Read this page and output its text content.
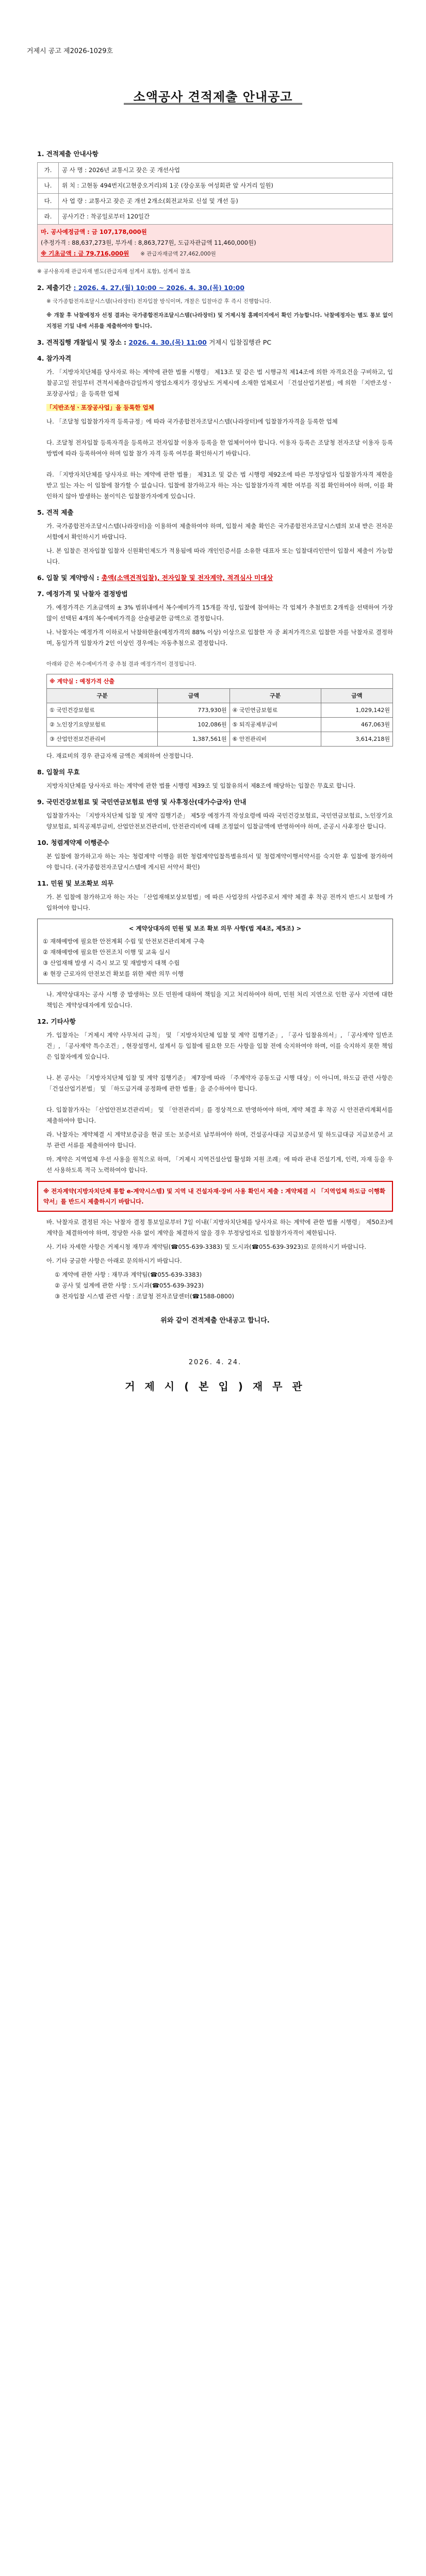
거제시 공고 제2026-1029호
소액공사 견적제출 안내공고
1. 견적제출 안내사항
가.	공 사 명 : 2026년 교통시고 잦은 곳 개선사업
나.	위 치 : 고현동 494번지(고현중오거리)외 1곳 (장승포동 여성회관 앞 사거리 일원)
다.	사 업 량 : 교통사고 잦은 곳 개선 2개소(회전교차로 신설 및 개선 등)
라.	공사기간 : 착공일로부터 120일간

마. 공사예정금액 : 금 107,178,000원
(추정가격 : 88,637,273원, 부가세 : 8,863,727원, 도급자관급액 11,460,000원)
※ 기초금액 : 금 79,716,000원 ※ 관급자재금액 27,462,000원	
※ 공사용자재 관급자재 별도(관급자재 설계서 포함), 설계서 참조
2. 제출기간 : 2026. 4. 27.(월) 10:00 ~ 2026. 4. 30.(목) 10:00
※ 국가종합전자조달시스템(나라장터) 전자입찰 방식이며, 개찰은 입찰마감 후 즉시 진행합니다.
※ 개찰 후 낙찰예정자 선정 결과는 국가종합전자조달시스템(나라장터) 및 거제시청 홈페이지에서 확인 가능합니다. 낙찰예정자는 별도 통보 없이 지정된 기일 내에 서류를 제출하여야 합니다.
3. 견적집행 개찰일시 및 장소 : 2026. 4. 30.(목) 11:00 거제시 입찰집행관 PC
4. 참가자격
가. 「지방자치단체를 당사자로 하는 계약에 관한 법률 시행령」 제13조 및 같은 법 시행규칙 제14조에 의한 자격요건을 구비하고, 입찰공고일 전일부터 견적서제출마감일까지 영업소재지가 경상남도 거제시에 소재한 업체로서 「건설산업기본법」에 의한 「지반조성ㆍ포장공사업」을 등록한 업체
「지반조성ㆍ포장공사업」을 등록한 업체
나. 「조달청 입찰참가자격 등록규정」에 따라 국가종합전자조달시스템(나라장터)에 입찰참가자격을 등록한 업체
다. 조달청 전자입찰 등록자격을 등록하고 전자입찰 이용자 등록을 한 업체이어야 합니다. 이용자 등록은 조달청 전자조달 이용자 등록 방법에 따라 등록하여야 하며 입찰 참가 자격 등록 여부를 확인하시기 바랍니다.
라. 「지방자치단체를 당사자로 하는 계약에 관한 법률」 제31조 및 같은 법 시행령 제92조에 따른 부정당업자 입찰참가자격 제한을 받고 있는 자는 이 입찰에 참가할 수 없습니다. 입찰에 참가하고자 하는 자는 입찰참가자격 제한 여부를 직접 확인하여야 하며, 이를 확인하지 않아 발생하는 불이익은 입찰참가자에게 있습니다.
5. 견적 제출
가. 국가종합전자조달시스템(나라장터)을 이용하여 제출하여야 하며, 입찰서 제출 확인은 국가종합전자조달시스템의 보내 받은 전자문서함에서 확인하시기 바랍니다.
나. 본 입찰은 전자입찰 입찰자 신원확인제도가 적용됨에 따라 개인인증서를 소유한 대표자 또는 입찰대리인만이 입찰서 제출이 가능합니다.
6. 입찰 및 계약방식 : 총액(소액견적입찰), 전자입찰 및 전자계약, 적격심사 미대상
7. 예정가격 및 낙찰자 결정방법
가. 예정가격은 기초금액의 ± 3% 범위내에서 복수예비가격 15개를 작성, 입찰에 참여하는 각 업체가 추첨번호 2개씩을 선택하여 가장 많이 선택된 4개의 복수예비가격을 산술평균한 금액으로 결정합니다.
나. 낙찰자는 예정가격 이하로서 낙찰하한율(예정가격의 88% 이상) 이상으로 입찰한 자 중 최저가격으로 입찰한 자를 낙찰자로 결정하며, 동일가격 입찰자가 2인 이상인 경우에는 자동추첨으로 결정합니다.
아래와 같은 복수예비가격 중 추첨 결과 예정가격이 결정됩니다.
※ 계약실 : 예정가격 산출			
구분	금액	구분	금액
① 국민건강보험료	773,930원	④ 국민연금보험료	1,029,142원
② 노인장기요양보험료	102,086원	⑤ 퇴직공제부금비	467,063원
③ 산업안전보건관리비	1,387,561원	⑥ 안전관리비	3,614,218원
다. 재료비의 경우 관급자재 금액은 제외하여 산정합니다.
8. 입찰의 무효
지방자치단체를 당사자로 하는 계약에 관한 법률 시행령 제39조 및 입찰유의서 제8조에 해당하는 입찰은 무효로 합니다.
9. 국민건강보험료 및 국민연금보험료 반영 및 사후정산(대가수급자) 안내
입찰참가자는 「지방자치단체 입찰 및 계약 집행기준」 제5장 예정가격 작성요령에 따라 국민건강보험료, 국민연금보험료, 노인장기요양보험료, 퇴직공제부금비, 산업안전보건관리비, 안전관리비에 대해 조정없이 입찰금액에 반영하여야 하며, 준공시 사후정산 합니다.
10. 청렴계약제 이행준수
본 입찰에 참가하고자 하는 자는 청렴계약 이행을 위한 청렴계약입찰특별유의서 및 청렴계약이행서약서를 숙지한 후 입찰에 참가하여야 합니다. (국가종합전자조달시스템에 게시된 서약서 확인)
11. 민원 및 보조확보 의무
가. 본 입찰에 참가하고자 하는 자는 「산업재해보상보험법」에 따른 사업장의 사업주로서 계약 체결 후 착공 전까지 반드시 보험에 가입하여야 합니다.
< 계약상대자의 민원 및 보조 확보 의무 사항(법 제4조, 제5조) >
① 재해예방에 필요한 안전계획 수립 및 안전보건관리체계 구축
② 재해예방에 필요한 안전조치 이행 및 교육 실시
③ 산업재해 발생 시 즉시 보고 및 재발방지 대책 수립
④ 현장 근로자의 안전보건 확보를 위한 제반 의무 이행
나. 계약상대자는 공사 시행 중 발생하는 모든 민원에 대하여 책임을 지고 처리하여야 하며, 민원 처리 지연으로 인한 공사 지연에 대한 책임은 계약상대자에게 있습니다.
12. 기타사항
가. 입찰자는 「거제시 계약 사무처리 규칙」 및 「지방자치단체 입찰 및 계약 집행기준」, 「공사 입찰유의서」, 「공사계약 일반조건」, 「공사계약 특수조건」, 현장설명서, 설계서 등 입찰에 필요한 모든 사항을 입찰 전에 숙지하여야 하며, 이를 숙지하지 못한 책임은 입찰자에게 있습니다.
나. 본 공사는 「지방자치단체 입찰 및 계약 집행기준」 제7장에 따라 「주계약자 공동도급 시행 대상」이 아니며, 하도급 관련 사항은 「건설산업기본법」 및 「하도급거래 공정화에 관한 법률」을 준수하여야 합니다.
다. 입찰참가자는 「산업안전보건관리비」 및 「안전관리비」를 정상적으로 반영하여야 하며, 계약 체결 후 착공 시 안전관리계획서를 제출하여야 합니다.
라. 낙찰자는 계약체결 시 계약보증금을 현금 또는 보증서로 납부하여야 하며, 건설공사대금 지급보증서 및 하도급대금 지급보증서 교부 관련 서류를 제출하여야 합니다.
마. 계약은 지역업체 우선 사용을 원칙으로 하며, 「거제시 지역건설산업 활성화 지원 조례」에 따라 관내 건설기계, 인력, 자재 등을 우선 사용하도록 적극 노력하여야 합니다.
※ 전자계약(지방자치단체 통합 e-계약시스템) 및 지역 내 건설자재·장비 사용 확인서 제출 : 계약체결 시 「지역업체 하도급 이행확약서」를 반드시 제출하시기 바랍니다.
바. 낙찰자로 결정된 자는 낙찰자 결정 통보일로부터 7일 이내(「지방자치단체를 당사자로 하는 계약에 관한 법률 시행령」 제50조)에 계약을 체결하여야 하며, 정당한 사유 없이 계약을 체결하지 않을 경우 부정당업자로 입찰참가자격이 제한됩니다.
사. 기타 자세한 사항은 거제시청 재무과 계약팀(☎055-639-3383) 및 도시과(☎055-639-3923)로 문의하시기 바랍니다.
아. 기타 궁금한 사항은 아래로 문의하시기 바랍니다.
① 계약에 관한 사항 : 재무과 계약팀(☎055-639-3383)
② 공사 및 설계에 관한 사항 : 도시과(☎055-639-3923)
③ 전자입찰 시스템 관련 사항 : 조달청 전자조달센터(☎1588-0800)
위와 같이 견적제출 안내공고 합니다.
2026. 4. 24.
거 제 시 ( 본 입 ) 재 무 관
